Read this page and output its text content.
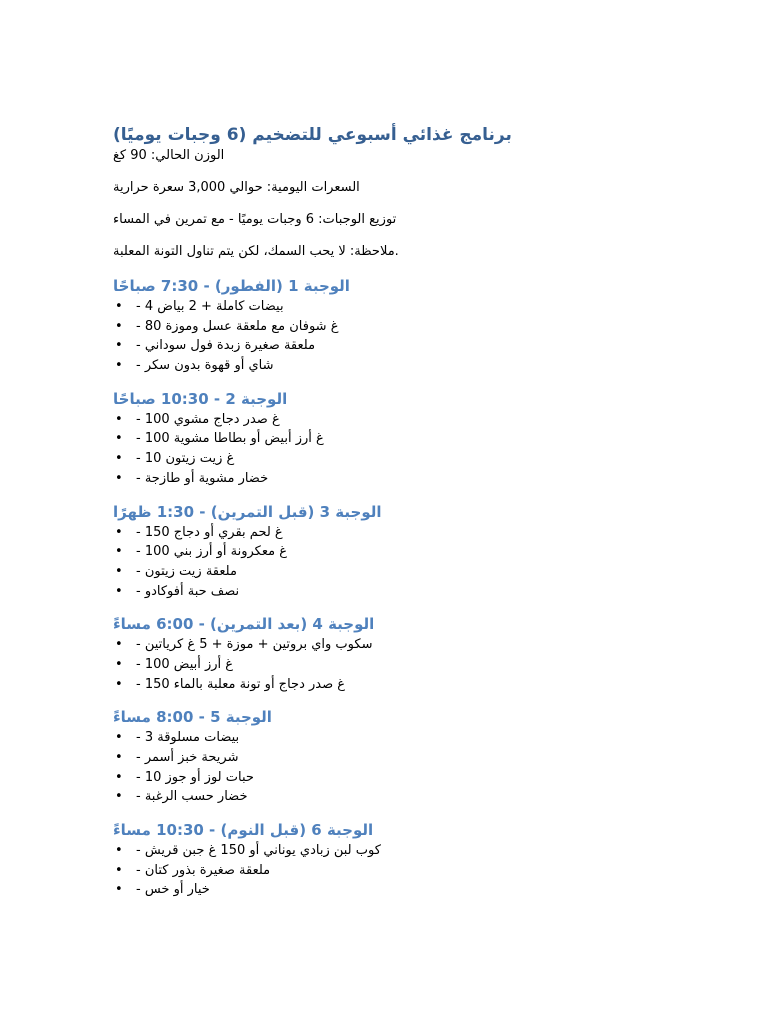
برنامج غذائي أسبوعي للتضخيم (6 وجبات يوميًا)

الوزن الحالي: 90 كغ

السعرات اليومية: حوالي 3,000 سعرة حرارية

توزيع الوجبات: 6 وجبات يوميًا - مع تمرين في المساء

ملاحظة: لا يحب السمك، لكن يتم تناول التونة المعلبة.

الوجبة 1 (الفطور) - 7:30 صباحًا
• - 4 بيضات كاملة + 2 بياض
• - 80 غ شوفان مع ملعقة عسل وموزة
• - ملعقة صغيرة زبدة فول سوداني
• - شاي أو قهوة بدون سكر
الوجبة 2 - 10:30 صباحًا
• - 100 غ صدر دجاج مشوي
• - 100 غ أرز أبيض أو بطاطا مشوية
• - 10 غ زيت زيتون
• - خضار مشوية أو طازجة
الوجبة 3 (قبل التمرين) - 1:30 ظهرًا
• - 150 غ لحم بقري أو دجاج
• - 100 غ معكرونة أو أرز بني
• - ملعقة زيت زيتون
• - نصف حبة أفوكادو
الوجبة 4 (بعد التمرين) - 6:00 مساءً
• - سكوب واي بروتين + موزة + 5 غ كرياتين
• - 100 غ أرز أبيض
• - 150 غ صدر دجاج أو تونة معلبة بالماء
الوجبة 5 - 8:00 مساءً
• - 3 بيضات مسلوقة
• - شريحة خبز أسمر
• - 10 حبات لوز أو جوز
• - خضار حسب الرغبة
الوجبة 6 (قبل النوم) - 10:30 مساءً
• - كوب لبن زبادي يوناني أو 150 غ جبن قريش
• - ملعقة صغيرة بذور كتان
• - خيار أو خس
